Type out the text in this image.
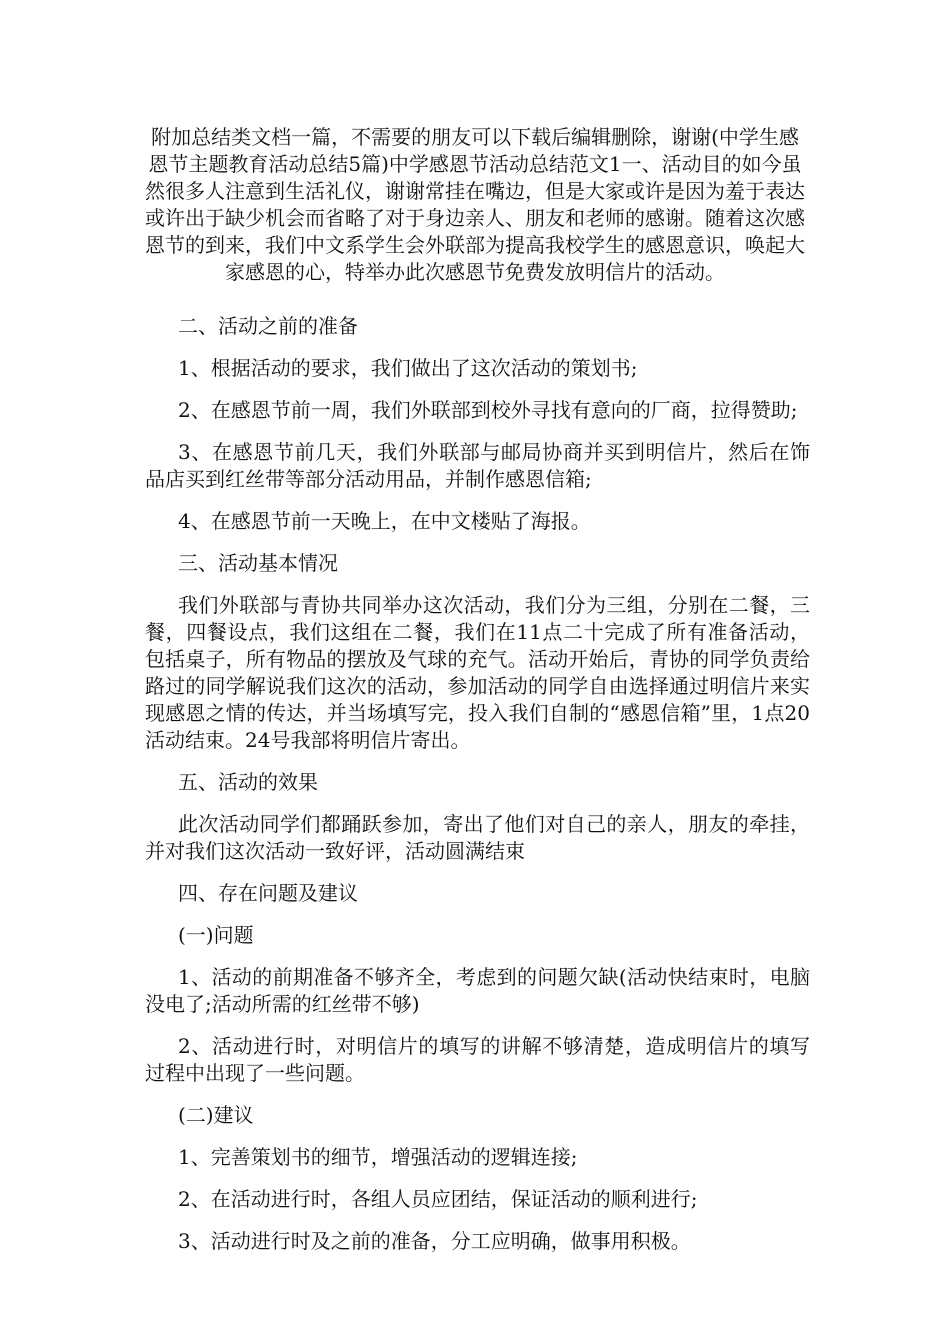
附加总结类文档一篇，不需要的朋友可以下载后编辑删除，谢谢(中学生感恩节主题教育活动总结5篇)中学感恩节活动总结范文1一、活动目的如今虽然很多人注意到生活礼仪，谢谢常挂在嘴边，但是大家或许是因为羞于表达或许出于缺少机会而省略了对于身边亲人、朋友和老师的感谢。随着这次感恩节的到来，我们中文系学生会外联部为提高我校学生的感恩意识，唤起大家感恩的心，特举办此次感恩节免费发放明信片的活动。

二、活动之前的准备

1、根据活动的要求，我们做出了这次活动的策划书;

2、在感恩节前一周，我们外联部到校外寻找有意向的厂商，拉得赞助;

3、在感恩节前几天，我们外联部与邮局协商并买到明信片，然后在饰品店买到红丝带等部分活动用品，并制作感恩信箱;

4、在感恩节前一天晚上，在中文楼贴了海报。

三、活动基本情况

我们外联部与青协共同举办这次活动，我们分为三组，分别在二餐，三餐，四餐设点，我们这组在二餐，我们在11点二十完成了所有准备活动，包括桌子，所有物品的摆放及气球的充气。活动开始后，青协的同学负责给路过的同学解说我们这次的活动，参加活动的同学自由选择通过明信片来实现感恩之情的传达，并当场填写完，投入我们自制的“感恩信箱”里，1点20活动结束。24号我部将明信片寄出。

五、活动的效果

此次活动同学们都踊跃参加，寄出了他们对自己的亲人，朋友的牵挂，并对我们这次活动一致好评，活动圆满结束

四、存在问题及建议

(一)问题

1、活动的前期准备不够齐全，考虑到的问题欠缺(活动快结束时，电脑没电了;活动所需的红丝带不够)

2、活动进行时，对明信片的填写的讲解不够清楚，造成明信片的填写过程中出现了一些问题。

(二)建议

1、完善策划书的细节，增强活动的逻辑连接;

2、在活动进行时，各组人员应团结，保证活动的顺利进行;

3、活动进行时及之前的准备，分工应明确，做事用积极。
